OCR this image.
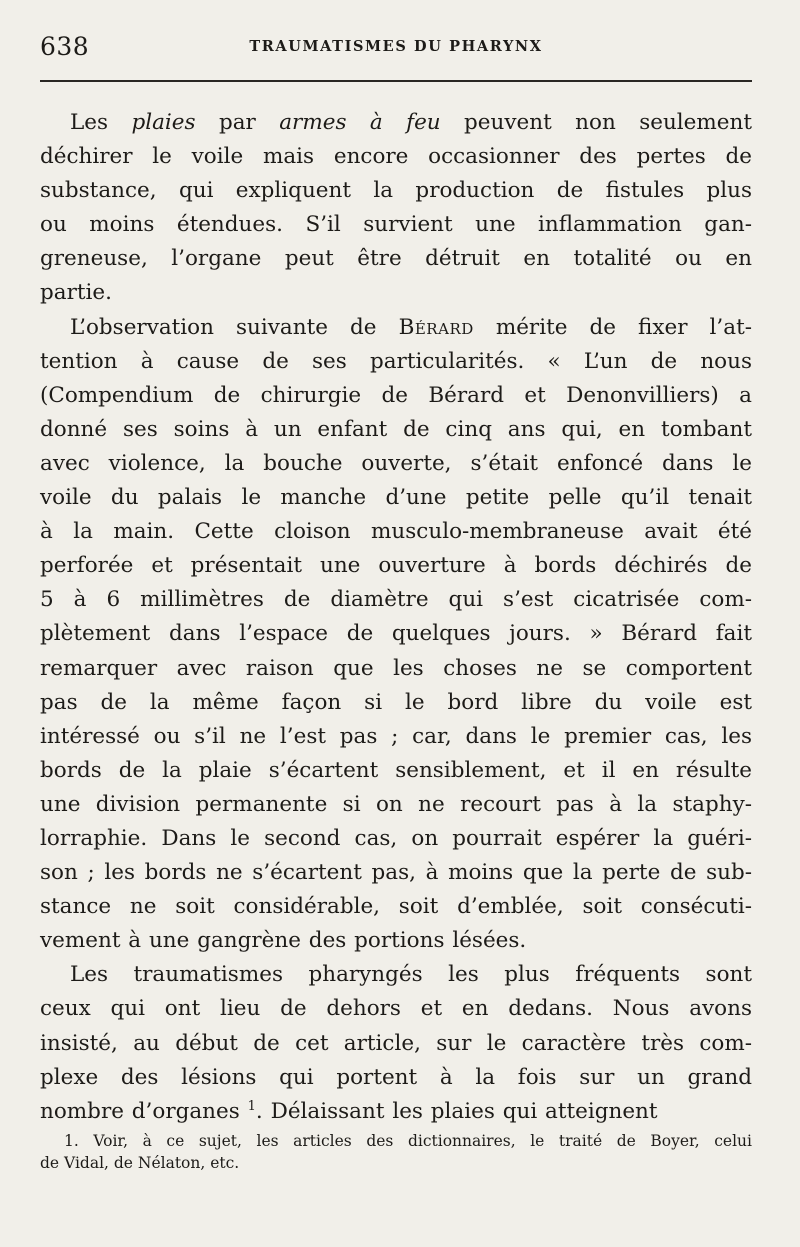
638	TRAUMATISMES DU PHARYNX
Les plaies par armes à feu peuvent non seulement
déchirer le voile mais encore occasionner des pertes de
substance, qui expliquent la production de fistules plus
ou moins étendues. S’il survient une inflammation gan-
greneuse, l’organe peut être détruit en totalité ou en
partie.
L’observation suivante de Bérard mérite de fixer l’at-
tention à cause de ses particularités. « L’un de nous
(Compendium de chirurgie de Bérard et Denonvilliers) a
donné ses soins à un enfant de cinq ans qui, en tombant
avec violence, la bouche ouverte, s’était enfoncé dans le
voile du palais le manche d’une petite pelle qu’il tenait
à la main. Cette cloison musculo-membraneuse avait été
perforée et présentait une ouverture à bords déchirés de
5 à 6 millimètres de diamètre qui s’est cicatrisée com-
plètement dans l’espace de quelques jours. » Bérard fait
remarquer avec raison que les choses ne se comportent
pas de la même façon si le bord libre du voile est
intéressé ou s’il ne l’est pas ; car, dans le premier cas, les
bords de la plaie s’écartent sensiblement, et il en résulte
une division permanente si on ne recourt pas à la staphy-
lorraphie. Dans le second cas, on pourrait espérer la guéri-
son ; les bords ne s’écartent pas, à moins que la perte de sub-
stance ne soit considérable, soit d’emblée, soit consécuti-
vement à une gangrène des portions lésées.
Les traumatismes pharyngés les plus fréquents sont
ceux qui ont lieu de dehors et en dedans. Nous avons
insisté, au début de cet article, sur le caractère très com-
plexe des lésions qui portent à la fois sur un grand
nombre d’organes $^1$. Délaissant les plaies qui atteignent
1. Voir, à ce sujet, les articles des dictionnaires, le traité de Boyer, celui
de Vidal, de Nélaton, etc.
